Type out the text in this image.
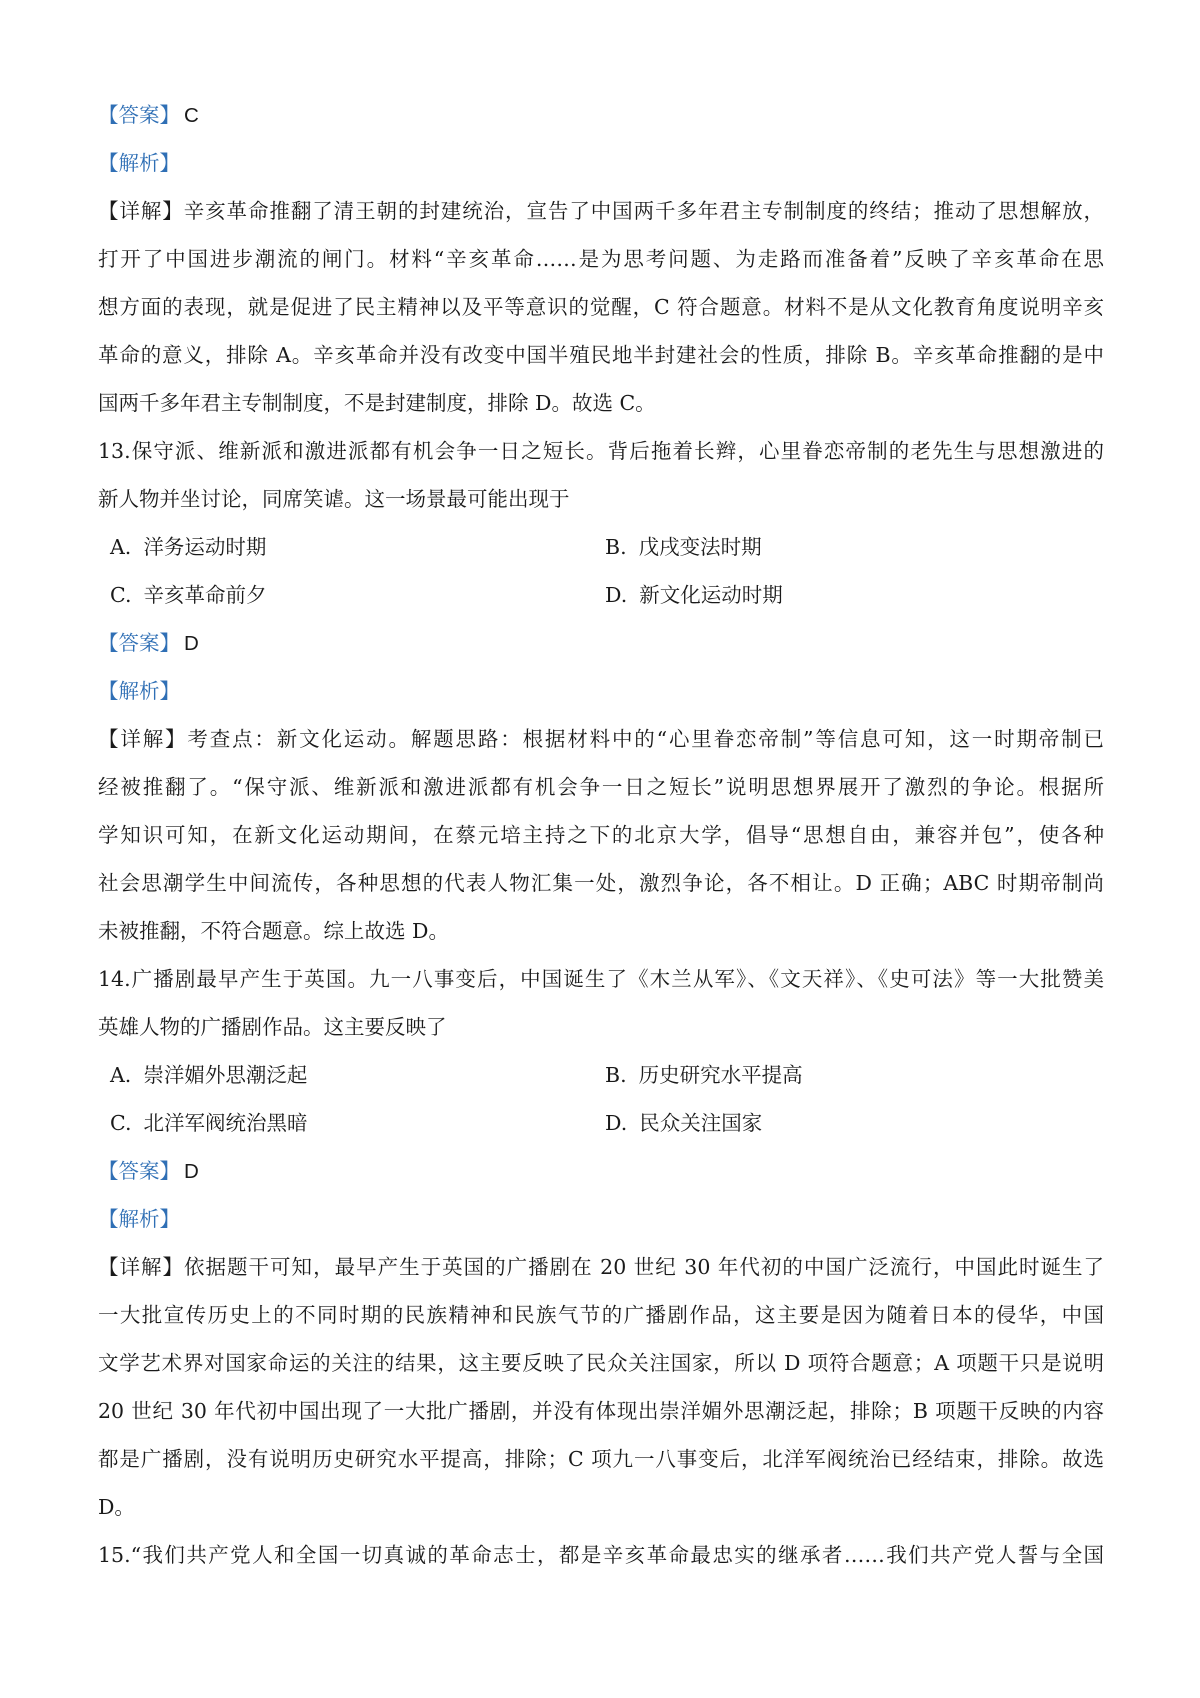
【答案】 C
【解析】
【详解】辛亥革命推翻了清王朝的封建统治，宣告了中国两千多年君主专制制度的终结；推动了思想解放，
打开了中国进步潮流的闸门。材料“辛亥革命……是为思考问题、为走路而准备着”反映了辛亥革命在思
想方面的表现，就是促进了民主精神以及平等意识的觉醒，C 符合题意。材料不是从文化教育角度说明辛亥
革命的意义，排除 A。辛亥革命并没有改变中国半殖民地半封建社会的性质，排除 B。辛亥革命推翻的是中
国两千多年君主专制制度，不是封建制度，排除 D。故选 C。
13.保守派、维新派和激进派都有机会争一日之短长。背后拖着长辫，心里眷恋帝制的老先生与思想激进的
新人物并坐讨论，同席笑谑。这一场景最可能出现于
A. 洋务运动时期	B. 戊戌变法时期
C. 辛亥革命前夕	D. 新文化运动时期
【答案】 D
【解析】
【详解】考查点：新文化运动。解题思路：根据材料中的“心里眷恋帝制”等信息可知，这一时期帝制已
经被推翻了。“保守派、维新派和激进派都有机会争一日之短长”说明思想界展开了激烈的争论。根据所
学知识可知，在新文化运动期间，在蔡元培主持之下的北京大学，倡导“思想自由，兼容并包”，使各种
社会思潮学生中间流传，各种思想的代表人物汇集一处，激烈争论，各不相让。D 正确；ABC 时期帝制尚
未被推翻，不符合题意。综上故选 D。
14.广播剧最早产生于英国。九一八事变后，中国诞生了《木兰从军》、《文天祥》、《史可法》等一大批赞美
英雄人物的广播剧作品。这主要反映了
A. 崇洋媚外思潮泛起	B. 历史研究水平提高
C. 北洋军阀统治黑暗	D. 民众关注国家
【答案】 D
【解析】
【详解】依据题干可知，最早产生于英国的广播剧在 20 世纪 30 年代初的中国广泛流行，中国此时诞生了
一大批宣传历史上的不同时期的民族精神和民族气节的广播剧作品，这主要是因为随着日本的侵华，中国
文学艺术界对国家命运的关注的结果，这主要反映了民众关注国家，所以 D 项符合题意；A 项题干只是说明
20 世纪 30 年代初中国出现了一大批广播剧，并没有体现出崇洋媚外思潮泛起，排除；B 项题干反映的内容
都是广播剧，没有说明历史研究水平提高，排除；C 项九一八事变后，北洋军阀统治已经结束，排除。故选
D。
15.“我们共产党人和全国一切真诚的革命志士，都是辛亥革命最忠实的继承者……我们共产党人誓与全国
